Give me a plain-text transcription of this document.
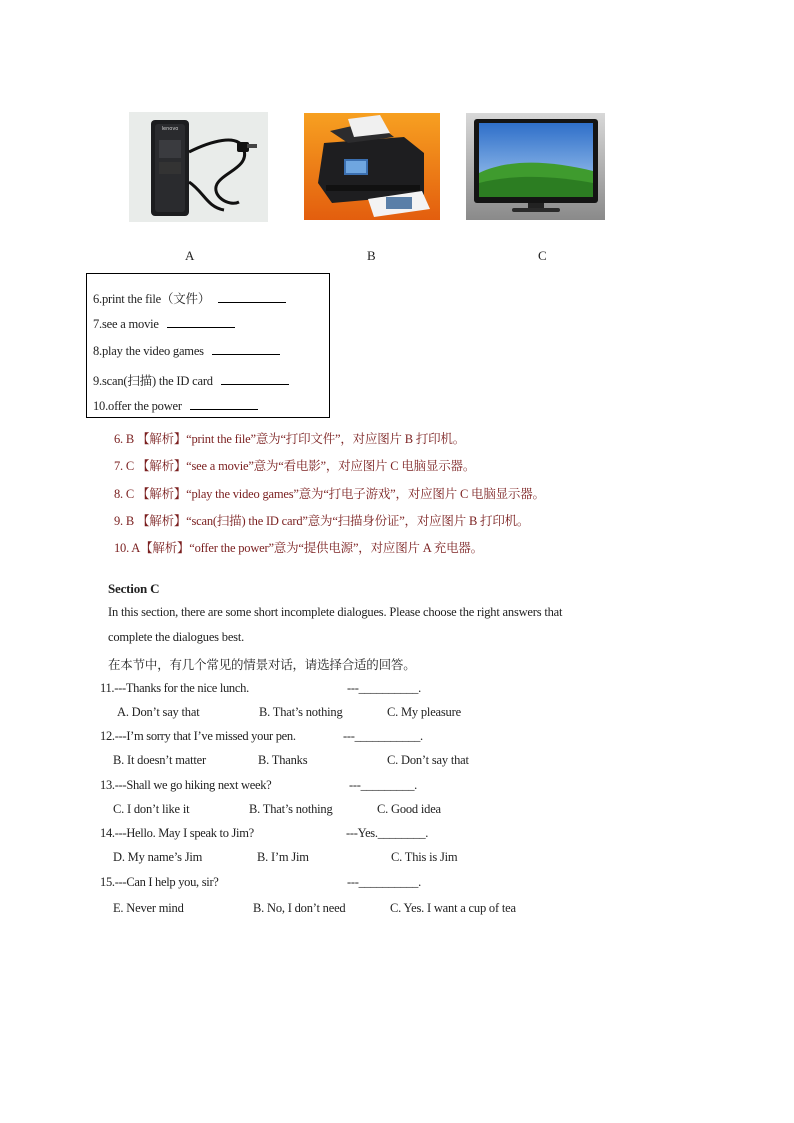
lenovo
A	B	C
6.print the file（文件）
7.see a movie
8.play the video games
9.scan(扫描) the ID card
10.offer the power
6. B 【解析】“print the file”意为“打印文件”，对应图片 B 打印机。
7. C 【解析】“see a movie”意为“看电影”，对应图片 C 电脑显示器。
8. C 【解析】“play the video games”意为“打电子游戏”，对应图片 C 电脑显示器。
9. B 【解析】“scan(扫描) the ID card”意为“扫描身份证”，对应图片 B 打印机。
10. A【解析】“offer the power”意为“提供电源”，对应图片 A 充电器。
Section C
In this section, there are some short incomplete dialogues. Please choose the right answers that
complete the dialogues best.
在本节中，有几个常见的情景对话，请选择合适的回答。
11.---Thanks for the nice lunch.	---__________.
A. Don’t say that	B. That’s nothing	C. My pleasure
12.---I’m sorry that I’ve missed your pen.	---___________.
B. It doesn’t matter	B. Thanks	C. Don’t say that
13.---Shall we go hiking next week?	---_________.
C. I don’t like it	B. That’s nothing	C. Good idea
14.---Hello. May I speak to Jim?	---Yes.________.
D. My name’s Jim	B. I’m Jim	C. This is Jim
15.---Can I help you, sir?	---__________.
E. Never mind	B. No, I don’t need	C. Yes. I want a cup of tea
